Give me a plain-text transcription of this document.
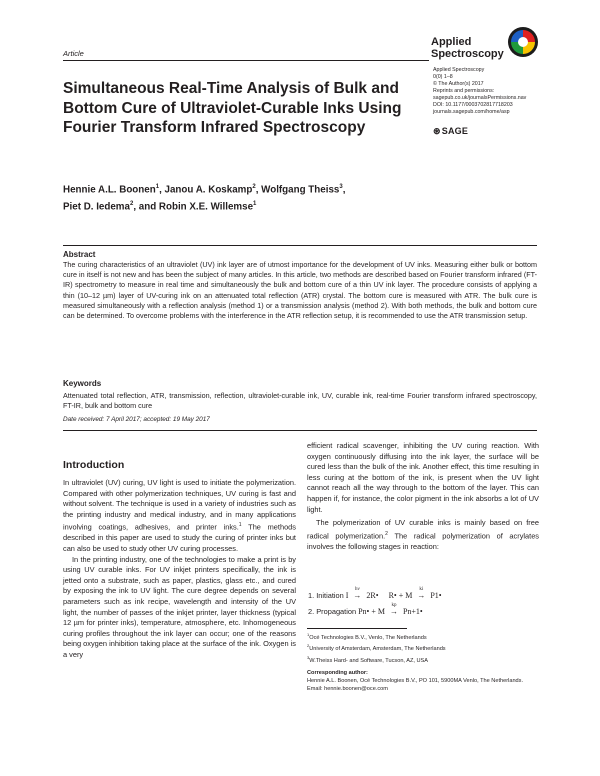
Article
Applied
Spectroscopy
Applied Spectroscopy
0(0) 1–8
© The Author(s) 2017
Reprints and permissions:
sagepub.co.uk/journalsPermissions.nav
DOI: 10.1177/0003702817718203
journals.sagepub.com/home/asp
⊛SAGE
Simultaneous Real-Time Analysis of Bulk and Bottom Cure of Ultraviolet-Curable Inks Using Fourier Transform Infrared Spectroscopy
Hennie A.L. Boonen$^1$, Janou A. Koskamp$^2$, Wolfgang Theiss$^3$,
Piet D. Iedema$^2$, and Robin X.E. Willemse$^1$
Abstract
The curing characteristics of an ultraviolet (UV) ink layer are of utmost importance for the development of UV inks. Measuring either bulk or bottom cure in itself is not new and has been the subject of many articles. In this article, two methods are described based on Fourier transform infrared (FT-IR) spectrometry to measure in real time and simultaneously the bulk and bottom cure of a thin UV ink layer. The procedure consists of applying a thin (10–12 µm) layer of UV-curing ink on an attenuated total reflection (ATR) crystal. The bottom cure is measured with ATR. The bulk cure is measured simultaneously with a reflection analysis (method 1) or a transmission analysis (method 2). With both methods, the bulk and bottom cure can be determined. To overcome problems with the interference in the ATR reflection setup, it is recommended to use the ATR transmission setup.
Keywords
Attenuated total reflection, ATR, transmission, reflection, ultraviolet-curable ink, UV, curable ink, real-time Fourier transform infrared spectroscopy, FT-IR, bulk and bottom cure
Date received: 7 April 2017; accepted: 19 May 2017
Introduction

In ultraviolet (UV) curing, UV light is used to initiate the polymerization. Compared with other polymerization techniques, UV curing is fast and without solvent. The technique is used in a variety of industries such as the printing industry and medical industry, and in many applications involving coatings, adhesives, and printer inks.$^1$ The methods described in this paper are used to study the curing of printer inks but can also be used to study other UV curing processes.

In the printing industry, one of the technologies to make a print is by using UV curable inks. For UV inkjet printers specifically, the ink is jetted onto a substrate, such as paper, plastics, glass etc., and cured by exposing the ink to UV light. The cure degree depends on several parameters such as ink recipe, wavelength and intensity of the UV light, the number of passes of the inkjet printer, layer thickness (typical 12 µm for printer inks), temperature, atmosphere, etc. Inhomogeneous curing profiles throughout the ink layer can occur; one of the reasons being oxygen inhibition taking place at the surface of the ink. Oxygen is a very

efficient radical scavenger, inhibiting the UV curing reaction. With oxygen continuously diffusing into the ink layer, the surface will be cured less than the bulk of the ink. Another effect, this time resulting in less curing at the bottom of the ink, is present when the UV light cannot reach all the way through to the bottom of the layer. This can happen if, for instance, the color pigment in the ink absorbs a lot of UV light.

The polymerization of UV curable inks is mainly based on free radical polymerization.$^2$ The radical polymerization of acrylates involves the following stages in reaction:

1. Initiation I
hν
→ 2R• R• + M
ki
→ P1•
2. Propagation Pn• + M
kp
→ Pn+1•
$^1$Océ Technologies B.V., Venlo, The Netherlands
$^2$University of Amsterdam, Amsterdam, The Netherlands
$^3$W.Theiss Hard- and Software, Tucson, AZ, USA
Corresponding author:
Hennie A.L. Boonen, Océ Technologies B.V., PO 101, 5900MA Venlo, The Netherlands.
Email: hennie.boonen@oce.com
